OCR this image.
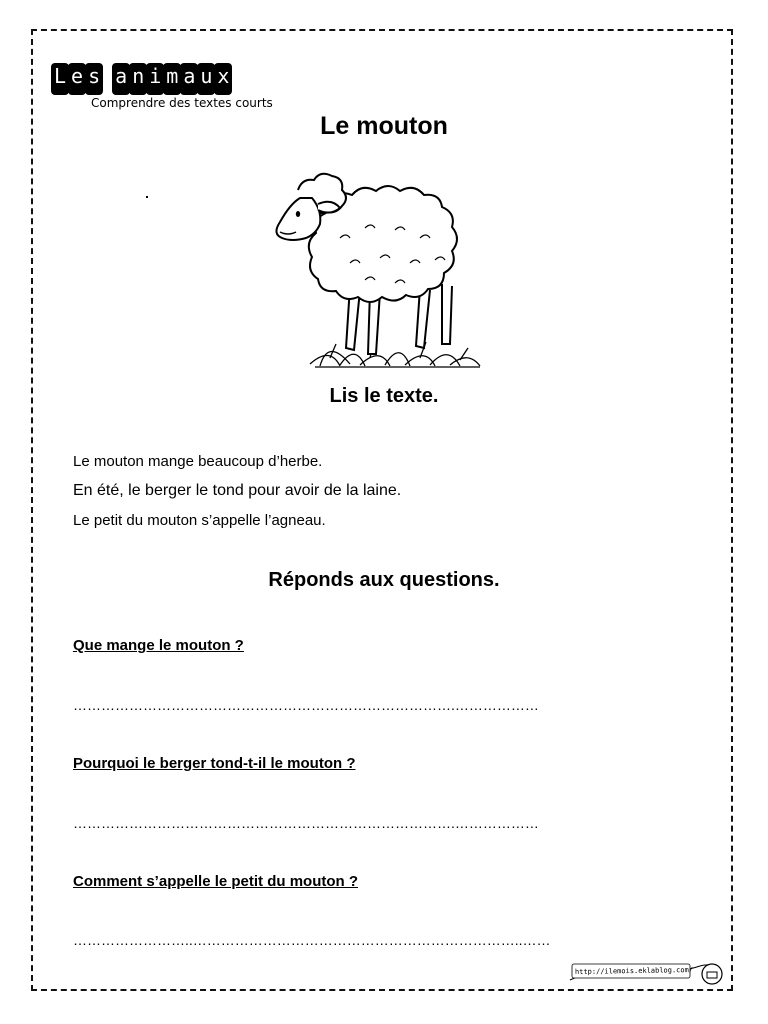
L e s a n i m a u x
Comprendre des textes courts
Le mouton
Lis le texte.
Le mouton mange beaucoup d’herbe.
En été, le berger le tond pour avoir de la laine.
Le petit du mouton s’appelle l’agneau.
Réponds aux questions.
Que mange le mouton ?
……………………………………………………………………….………………
Pourquoi le berger tond-t-il le mouton ?
……………………………………………………………………….………………
Comment s’appelle le petit du mouton ?
……………………..……………………………………………………………..……
http://ilemois.eklablog.com/
